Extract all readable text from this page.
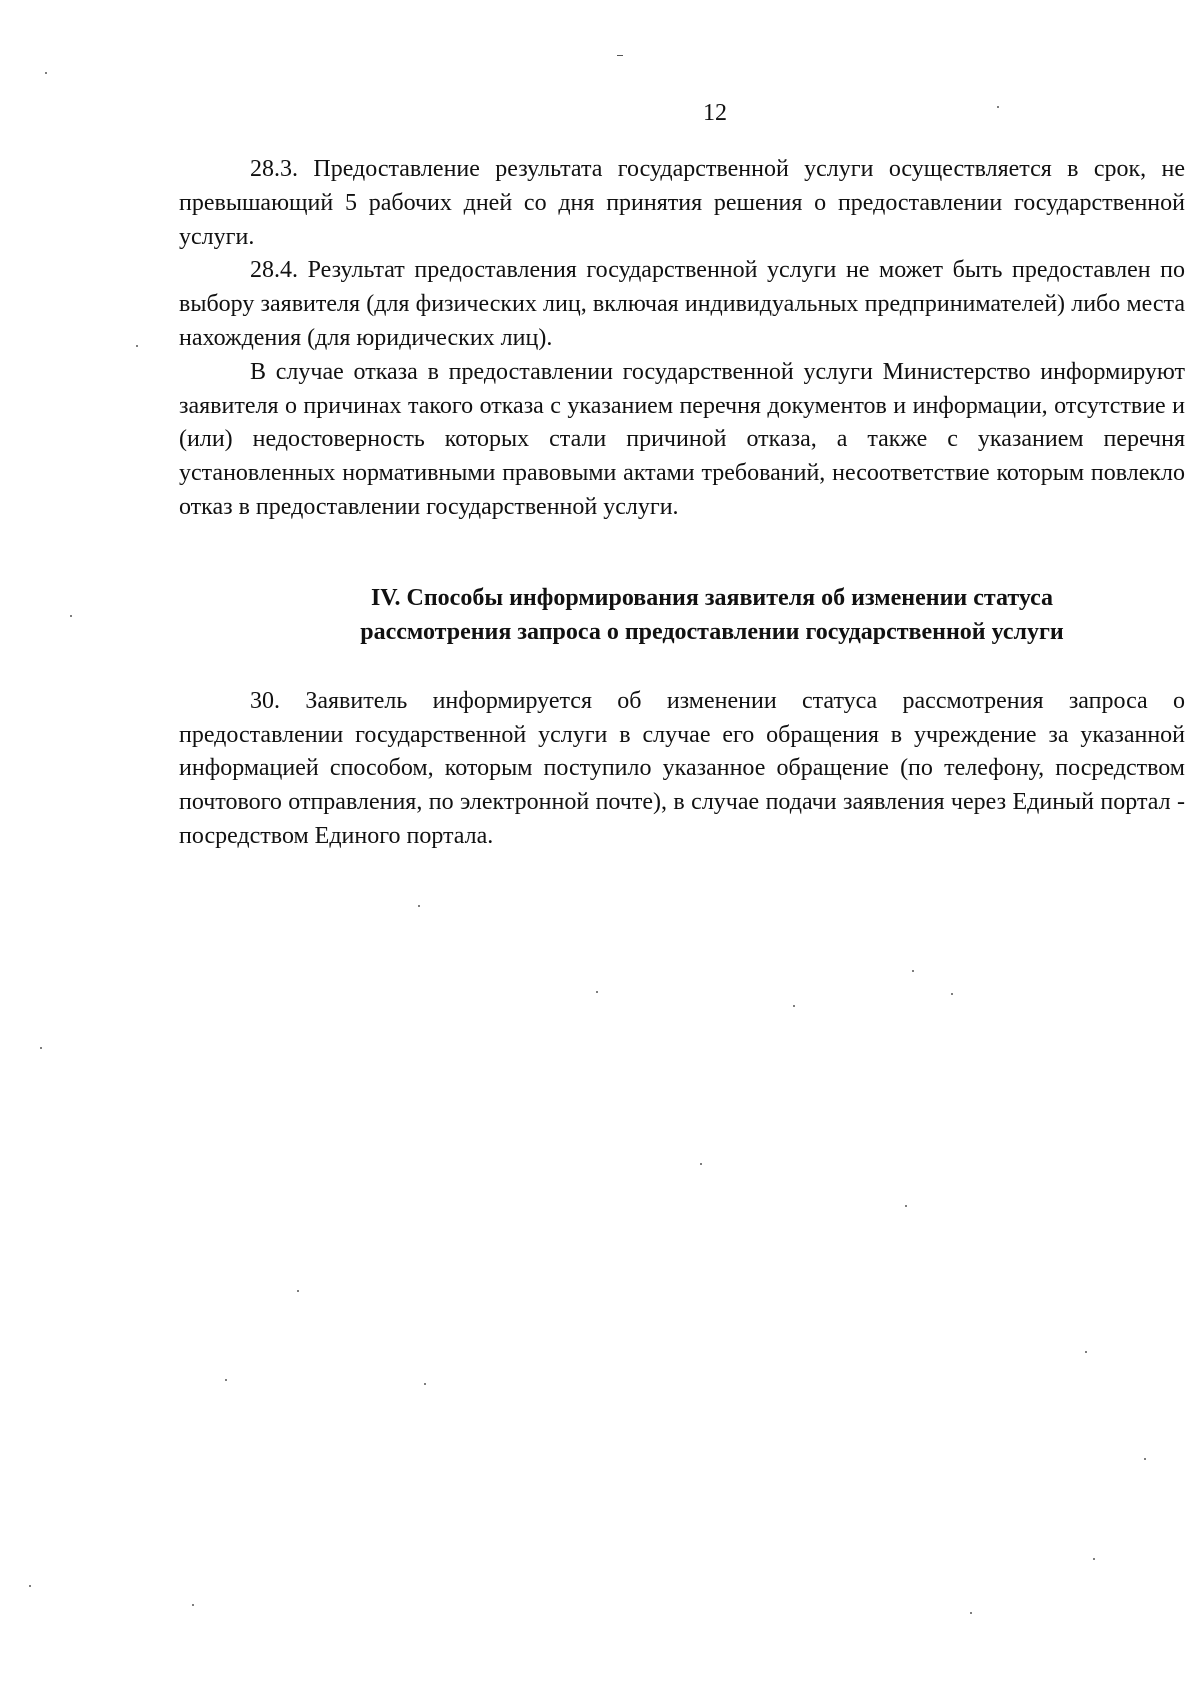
12

28.3. Предоставление результата государственной услуги осуществляется в срок, не превышающий 5 рабочих дней со дня принятия решения о предоставлении государственной услуги.

28.4. Результат предоставления государственной услуги не может быть предоставлен по выбору заявителя (для физических лиц, включая индивидуальных предпринимателей) либо места нахождения (для юридических лиц).

В случае отказа в предоставлении государственной услуги Министерство информируют заявителя о причинах такого отказа с указанием перечня документов и информации, отсутствие и (или) недостоверность которых стали причиной отказа, а также с указанием перечня установленных нормативными правовыми актами требований, несоответствие которым повлекло отказ в предоставлении государственной услуги.

IV. Способы информирования заявителя об изменении статуса
рассмотрения запроса о предоставлении государственной услуги

30. Заявитель информируется об изменении статуса рассмотрения запроса о предоставлении государственной услуги в случае его обращения в учреждение за указанной информацией способом, которым поступило указанное обращение (по телефону, посредством почтового отправления, по электронной почте), в случае подачи заявления через Единый портал - посредством Единого портала.
